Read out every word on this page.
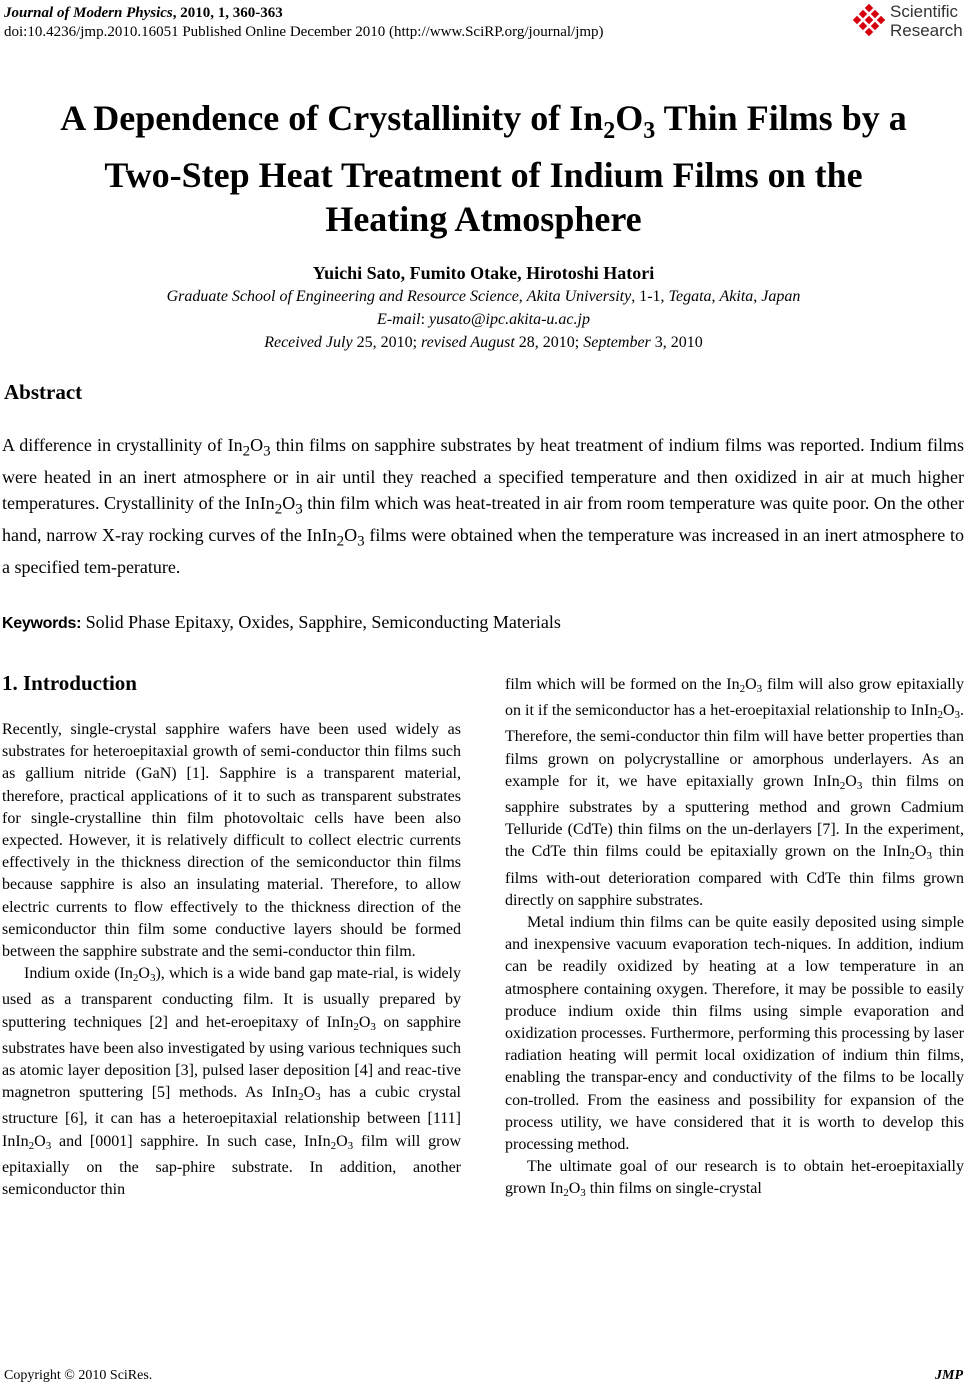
Journal of Modern Physics, 2010, 1, 360-363
doi:10.4236/jmp.2010.16051 Published Online December 2010 (http://www.SciRP.org/journal/jmp)
Scientific
Research
A Dependence of Crystallinity of $In_2O_3$ Thin Films by a
Two-Step Heat Treatment of Indium Films on the
Heating Atmosphere
Yuichi Sato, Fumito Otake, Hirotoshi Hatori
Graduate School of Engineering and Resource Science, Akita University, 1-1, Tegata, Akita, Japan
E-mail: yusato@ipc.akita-u.ac.jp
Received July 25, 2010; revised August 28, 2010; September 3, 2010
Abstract
A difference in crystallinity of $In_2O_3$ thin films on sapphire substrates by heat treatment of indium films was reported. Indium films were heated in an inert atmosphere or in air until they reached a specified temperature and then oxidized in air at much higher temperatures. Crystallinity of the $InIn_2O_3$ thin film which was heat-treated in air from room temperature was quite poor. On the other hand, narrow X-ray rocking curves of the $InIn_2O_3$ films were obtained when the temperature was increased in an inert atmosphere to a specified tem-perature.
Keywords: Solid Phase Epitaxy, Oxides, Sapphire, Semiconducting Materials
1. Introduction

Recently, single-crystal sapphire wafers have been used widely as substrates for heteroepitaxial growth of semi-conductor thin films such as gallium nitride (GaN) [1]. Sapphire is a transparent material, therefore, practical applications of it to such as transparent substrates for single-crystalline thin film photovoltaic cells have been also expected. However, it is relatively difficult to collect electric currents effectively in the thickness direction of the semiconductor thin films because sapphire is also an insulating material. Therefore, to allow electric currents to flow effectively to the thickness direction of the semiconductor thin film some conductive layers should be formed between the sapphire substrate and the semi-conductor thin film.

Indium oxide (In2O3), which is a wide band gap mate-rial, is widely used as a transparent conducting film. It is usually prepared by sputtering techniques [2] and het-eroepitaxy of InIn2O3 on sapphire substrates have been also investigated by using various techniques such as atomic layer deposition [3], pulsed laser deposition [4] and reac-tive magnetron sputtering [5] methods. As InIn2O3 has a cubic crystal structure [6], it can has a heteroepitaxial relationship between [111] InIn2O3 and [0001] sapphire. In such case, InIn2O3 film will grow epitaxially on the sap-phire substrate. In addition, another semiconductor thin

film which will be formed on the In2O3 film will also grow epitaxially on it if the semiconductor has a het-eroepitaxial relationship to InIn2O3. Therefore, the semi-conductor thin film will have better properties than films grown on polycrystalline or amorphous underlayers. As an example for it, we have epitaxially grown InIn2O3 thin films on sapphire substrates by a sputtering method and grown Cadmium Telluride (CdTe) thin films on the un-derlayers [7]. In the experiment, the CdTe thin films could be epitaxially grown on the InIn2O3 thin films with-out deterioration compared with CdTe thin films grown directly on sapphire substrates.

Metal indium thin films can be quite easily deposited using simple and inexpensive vacuum evaporation tech-niques. In addition, indium can be readily oxidized by heating at a low temperature in an atmosphere containing oxygen. Therefore, it may be possible to easily produce indium oxide thin films using simple evaporation and oxidization processes. Furthermore, performing this processing by laser radiation heating will permit local oxidization of indium thin films, enabling the transpar-ency and conductivity of the films to be locally con-trolled. From the easiness and possibility for expansion of the process utility, we have considered that it is worth to develop this processing method.

The ultimate goal of our research is to obtain het-eroepitaxially grown In2O3 thin films on single-crystal

Copyright © 2010 SciRes.	JMP
